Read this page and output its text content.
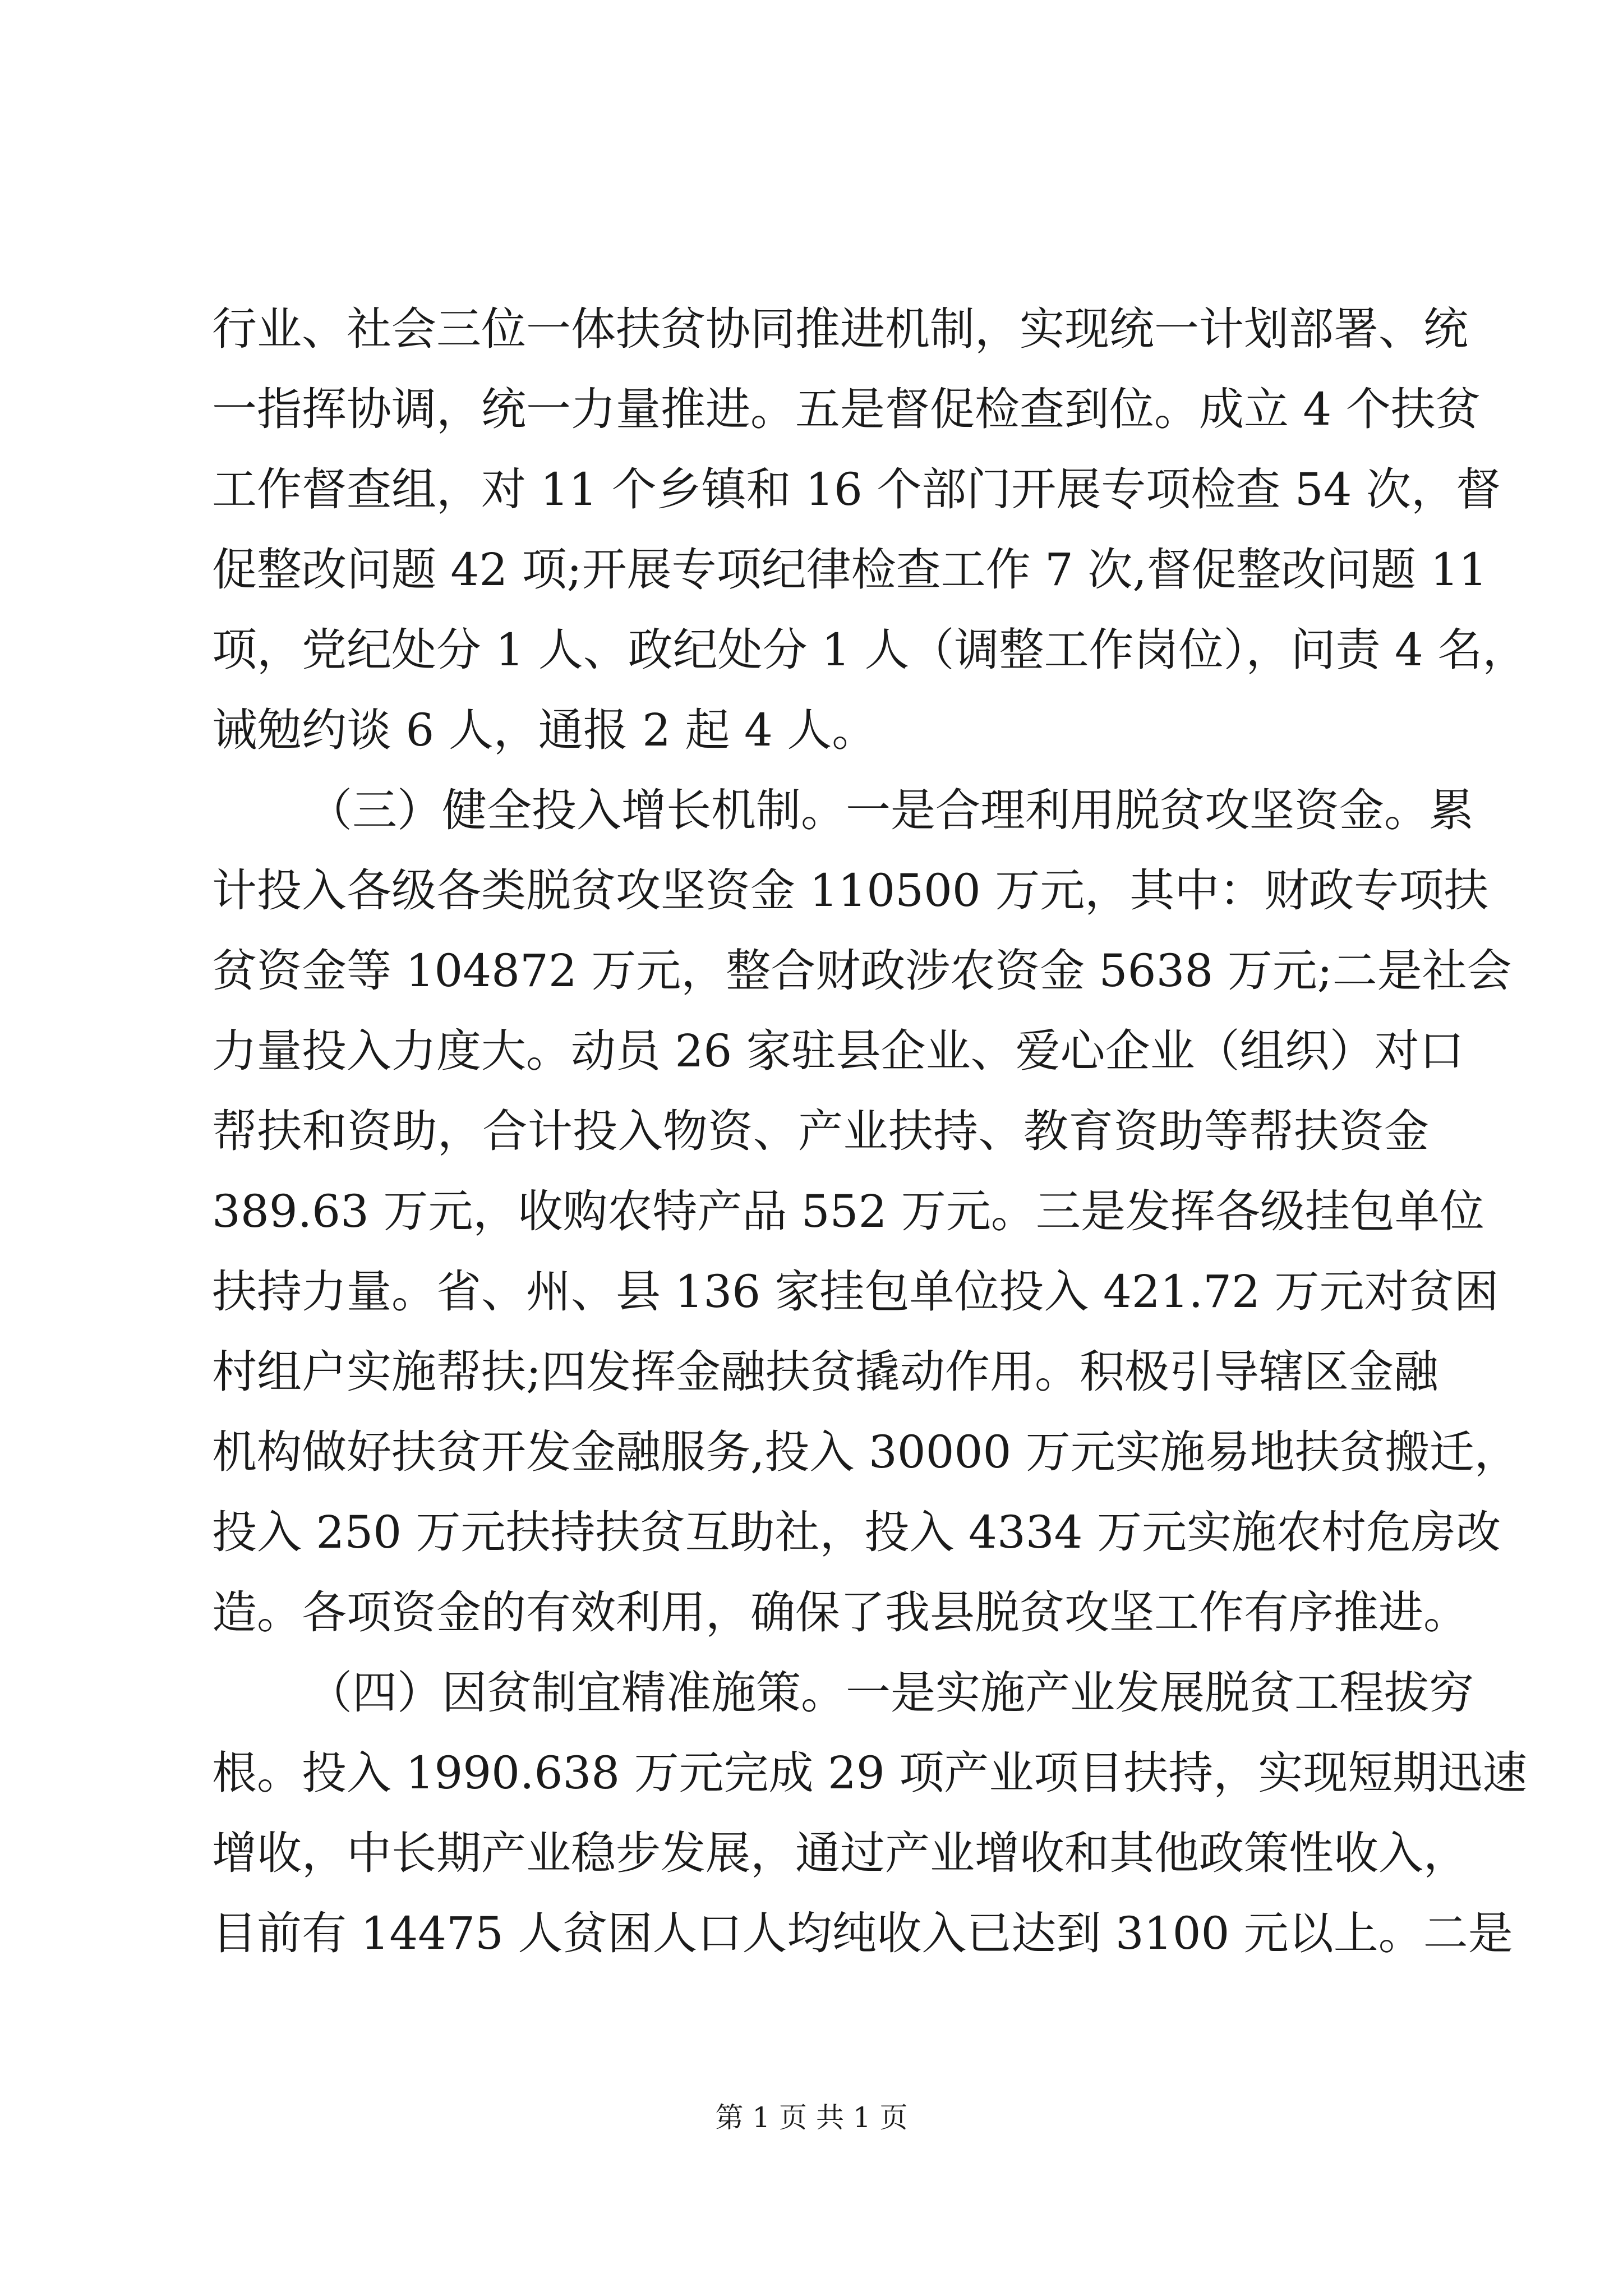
行业、社会三位一体扶贫协同推进机制，实现统一计划部署、统
一指挥协调，统一力量推进。五是督促检查到位。成立 4 个扶贫
工作督查组，对 11 个乡镇和 16 个部门开展专项检查 54 次，督
促整改问题 42 项;开展专项纪律检查工作 7 次,督促整改问题 11
项，党纪处分 1 人、政纪处分 1 人（调整工作岗位），问责 4 名，
诫勉约谈 6 人，通报 2 起 4 人。
（三）健全投入增长机制。一是合理利用脱贫攻坚资金。累
计投入各级各类脱贫攻坚资金 110500 万元，其中：财政专项扶
贫资金等 104872 万元，整合财政涉农资金 5638 万元;二是社会
力量投入力度大。动员 26 家驻县企业、爱心企业（组织）对口
帮扶和资助，合计投入物资、产业扶持、教育资助等帮扶资金
389.63 万元，收购农特产品 552 万元。三是发挥各级挂包单位
扶持力量。省、州、县 136 家挂包单位投入 421.72 万元对贫困
村组户实施帮扶;四发挥金融扶贫撬动作用。积极引导辖区金融
机构做好扶贫开发金融服务,投入 30000 万元实施易地扶贫搬迁，
投入 250 万元扶持扶贫互助社，投入 4334 万元实施农村危房改
造。各项资金的有效利用，确保了我县脱贫攻坚工作有序推进。
（四）因贫制宜精准施策。一是实施产业发展脱贫工程拔穷
根。投入 1990.638 万元完成 29 项产业项目扶持，实现短期迅速
增收，中长期产业稳步发展，通过产业增收和其他政策性收入，
目前有 14475 人贫困人口人均纯收入已达到 3100 元以上。二是
第 1 页 共 1 页
